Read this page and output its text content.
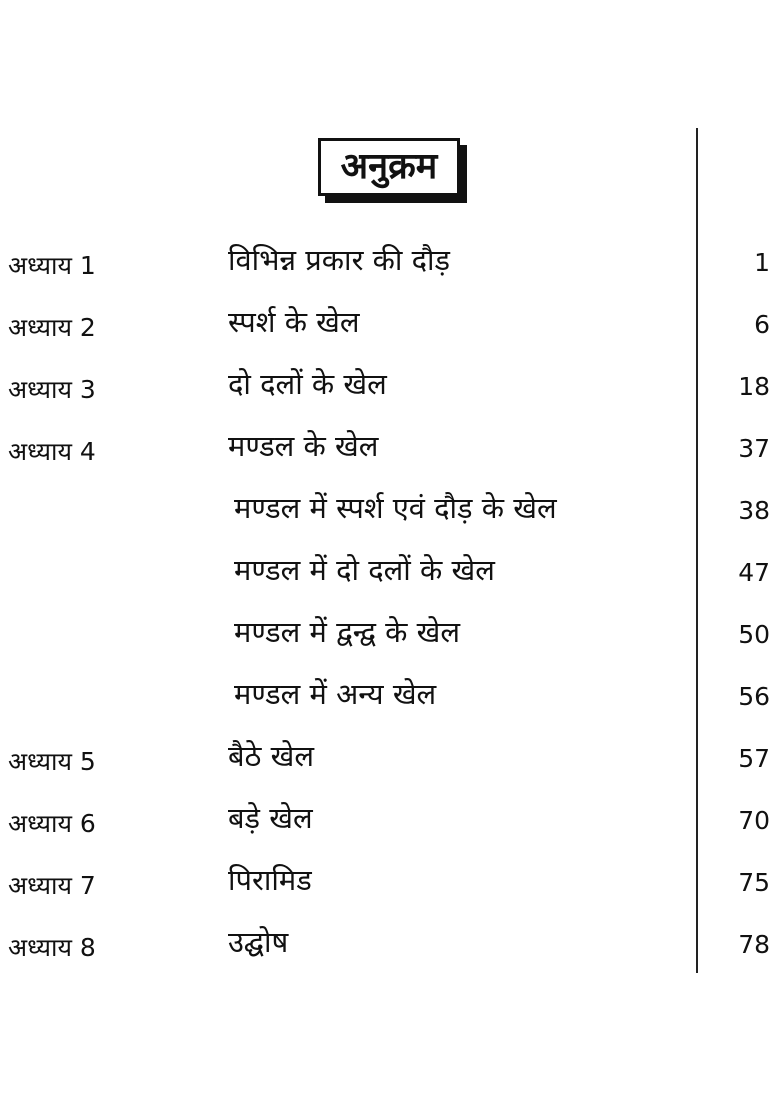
अनुक्रम
अध्याय 1	विभिन्न प्रकार की दौड़	1
अध्याय 2	स्पर्श के खेल	6
अध्याय 3	दो दलों के खेल	18
अध्याय 4	मण्डल के खेल	37
मण्डल में स्पर्श एवं दौड़ के खेल	38
मण्डल में दो दलों के खेल	47
मण्डल में द्वन्द्व के खेल	50
मण्डल में अन्य खेल	56
अध्याय 5	बैठे खेल	57
अध्याय 6	बड़े खेल	70
अध्याय 7	पिरामिड	75
अध्याय 8	उद्घोष	78
